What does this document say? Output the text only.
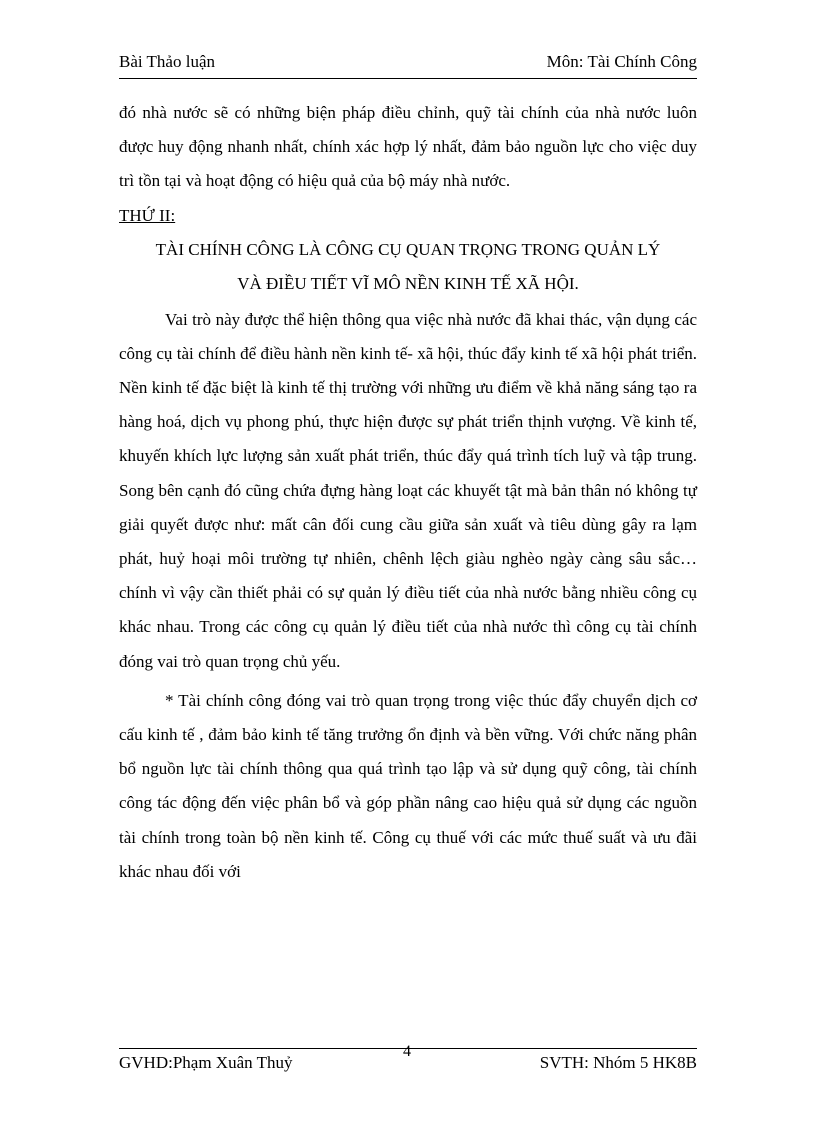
Bài Thảo luận	Môn: Tài Chính Công

đó nhà nước sẽ có những biện pháp điều chỉnh, quỹ tài chính của nhà nước luôn được huy động nhanh nhất, chính xác hợp lý nhất, đảm bảo nguồn lực cho việc duy trì tồn tại và hoạt động có hiệu quả của bộ máy nhà nước.

THỨ II:

TÀI CHÍNH CÔNG LÀ CÔNG CỤ QUAN TRỌNG TRONG QUẢN LÝ

VÀ ĐIỀU TIẾT VĨ MÔ NỀN KINH TẾ XÃ HỘI.

Vai trò này được thể hiện thông qua việc nhà nước đã khai thác, vận dụng các công cụ tài chính để điều hành nền kinh tế- xã hội, thúc đẩy kinh tế xã hội phát triển. Nền kinh tế đặc biệt là kinh tế thị trường với những ưu điểm về khả năng sáng tạo ra hàng hoá, dịch vụ phong phú, thực hiện được sự phát triển thịnh vượng. Về kinh tế, khuyến khích lực lượng sản xuất phát triển, thúc đẩy quá trình tích luỹ và tập trung. Song bên cạnh đó cũng chứa đựng hàng loạt các khuyết tật mà bản thân nó không tự giải quyết được như: mất cân đối cung cầu giữa sản xuất và tiêu dùng gây ra lạm phát, huỷ hoại môi trường tự nhiên, chênh lệch giàu nghèo ngày càng sâu sắc…chính vì vậy cần thiết phải có sự quản lý điều tiết của nhà nước bằng nhiều công cụ khác nhau. Trong các công cụ quản lý điều tiết của nhà nước thì công cụ tài chính đóng vai trò quan trọng chủ yếu.

* Tài chính công đóng vai trò quan trọng trong việc thúc đẩy chuyển dịch cơ cấu kinh tế , đảm bảo kinh tế tăng trưởng ổn định và bền vững. Với chức năng phân bổ nguồn lực tài chính thông qua quá trình tạo lập và sử dụng quỹ công, tài chính công tác động đến việc phân bổ và góp phần nâng cao hiệu quả sử dụng các nguồn tài chính trong toàn bộ nền kinh tế. Công cụ thuế với các mức thuế suất và ưu đãi khác nhau đối với

GVHD:Phạm Xuân Thuỷ
4
SVTH: Nhóm 5 HK8B
